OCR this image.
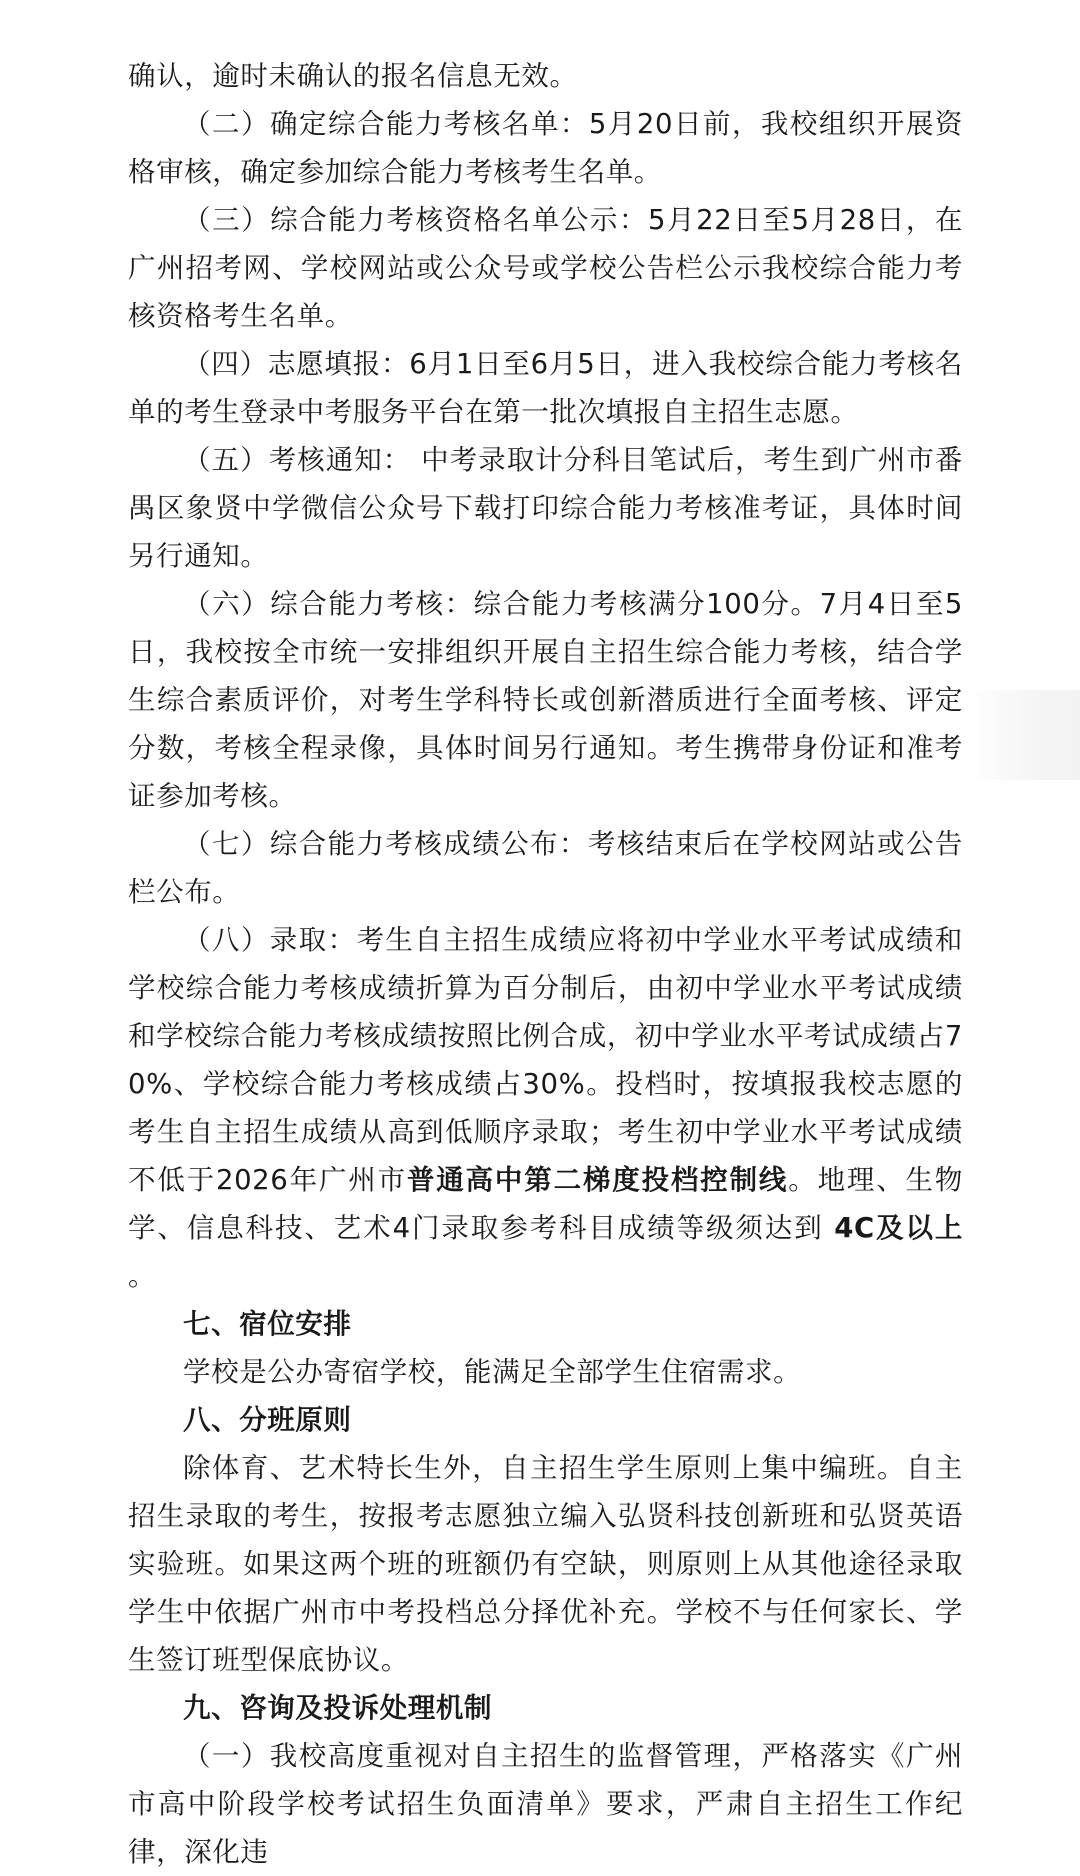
确认，逾时未确认的报名信息无效。

（二）确定综合能力考核名单：5月20日前，我校组织开展资格审核，确定参加综合能力考核考生名单。

（三）综合能力考核资格名单公示：5月22日至5月28日，在广州招考网、学校网站或公众号或学校公告栏公示我校综合能力考核资格考生名单。

（四）志愿填报：6月1日至6月5日，进入我校综合能力考核名单的考生登录中考服务平台在第一批次填报自主招生志愿。

（五）考核通知： 中考录取计分科目笔试后，考生到广州市番禺区象贤中学微信公众号下载打印综合能力考核准考证，具体时间另行通知。

（六）综合能力考核：综合能力考核满分100分。7月4日至5日，我校按全市统一安排组织开展自主招生综合能力考核，结合学生综合素质评价，对考生学科特长或创新潜质进行全面考核、评定分数，考核全程录像，具体时间另行通知。考生携带身份证和准考证参加考核。

（七）综合能力考核成绩公布：考核结束后在学校网站或公告栏公布。

（八）录取：考生自主招生成绩应将初中学业水平考试成绩和学校综合能力考核成绩折算为百分制后，由初中学业水平考试成绩和学校综合能力考核成绩按照比例合成，初中学业水平考试成绩占70%、学校综合能力考核成绩占30%。投档时，按填报我校志愿的考生自主招生成绩从高到低顺序录取；考生初中学业水平考试成绩不低于2026年广州市普通高中第二梯度投档控制线。地理、生物学、信息科技、艺术4门录取参考科目成绩等级须达到 4C及以上 。

七、宿位安排

学校是公办寄宿学校，能满足全部学生住宿需求。

八、分班原则

除体育、艺术特长生外，自主招生学生原则上集中编班。自主招生录取的考生，按报考志愿独立编入弘贤科技创新班和弘贤英语实验班。如果这两个班的班额仍有空缺，则原则上从其他途径录取学生中依据广州市中考投档总分择优补充。学校不与任何家长、学生签订班型保底协议。

九、咨询及投诉处理机制

（一）我校高度重视对自主招生的监督管理，严格落实《广州市高中阶段学校考试招生负面清单》要求，严肃自主招生工作纪律，深化违
